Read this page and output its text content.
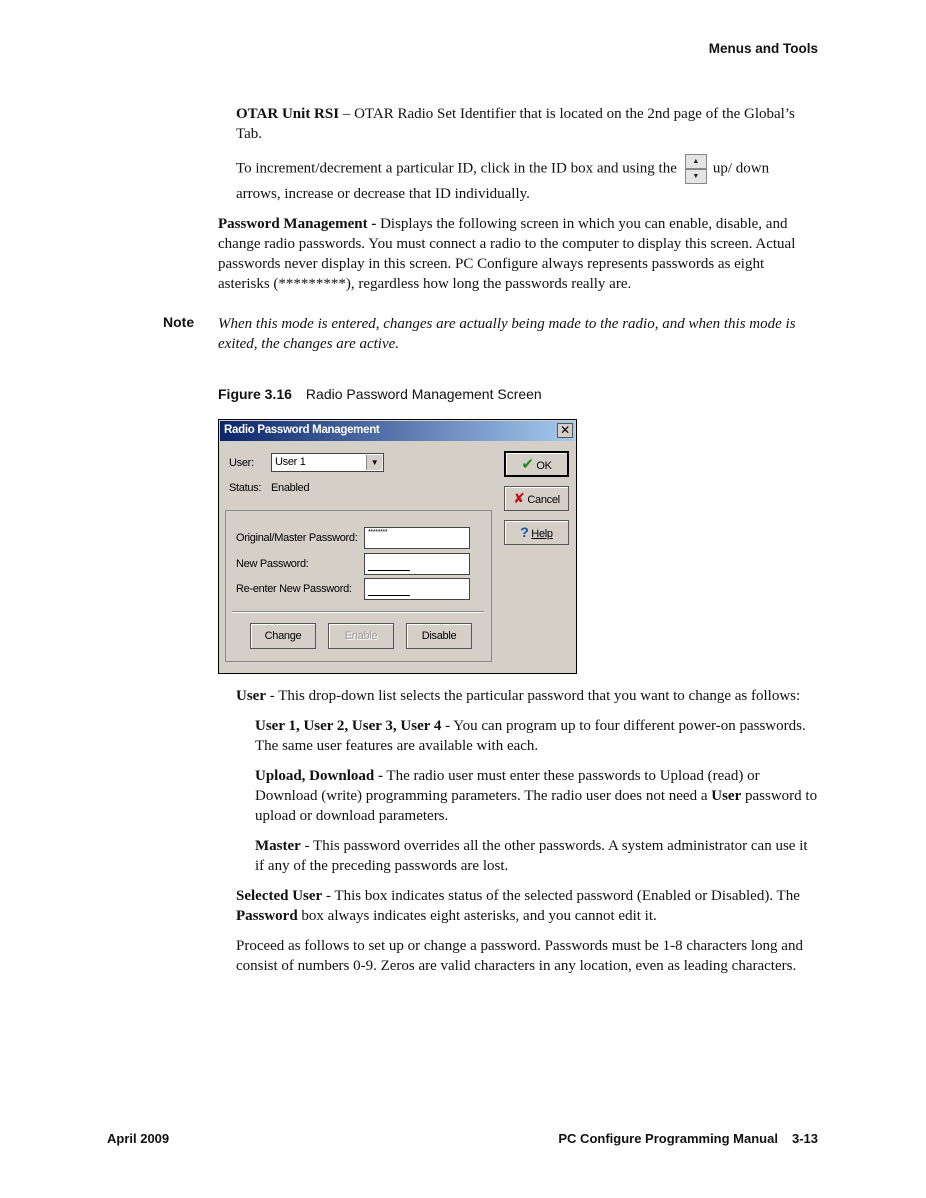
Menus and Tools

OTAR Unit RSI – OTAR Radio Set Identifier that is located on the 2nd page of the Global’s Tab.

To increment/decrement a particular ID, click in the ID box and using the	▲
▼ up/ down arrows, increase or decrease that ID individually.

Password Management - Displays the following screen in which you can enable, disable, and change radio passwords. You must connect a radio to the computer to display this screen. Actual passwords never display in this screen. PC Configure always represents passwords as eight asterisks (*********), regardless how long the passwords really are.

Note When this mode is entered, changes are actually being made to the radio, and when this mode is exited, the changes are active.
Figure 3.16 Radio Password Management Screen
Radio Password Management	✕
User: User 1	▼
Status: Enabled
Original/Master Password: ********
New Password:
Re-enter New Password:
Change	Enable	Disable
✔ OK
✘ Cancel
? Help

User - This drop-down list selects the particular password that you want to change as follows:

User 1, User 2, User 3, User 4 - You can program up to four different power-on passwords. The same user features are available with each.

Upload, Download - The radio user must enter these passwords to Upload (read) or Download (write) programming parameters. The radio user does not need a User password to upload or download parameters.

Master - This password overrides all the other passwords. A system administrator can use it if any of the preceding passwords are lost.

Selected User - This box indicates status of the selected password (Enabled or Disabled). The Password box always indicates eight asterisks, and you cannot edit it.

Proceed as follows to set up or change a password. Passwords must be 1-8 characters long and consist of numbers 0-9. Zeros are valid characters in any location, even as leading characters.

April 2009	PC Configure Programming Manual 3-13
